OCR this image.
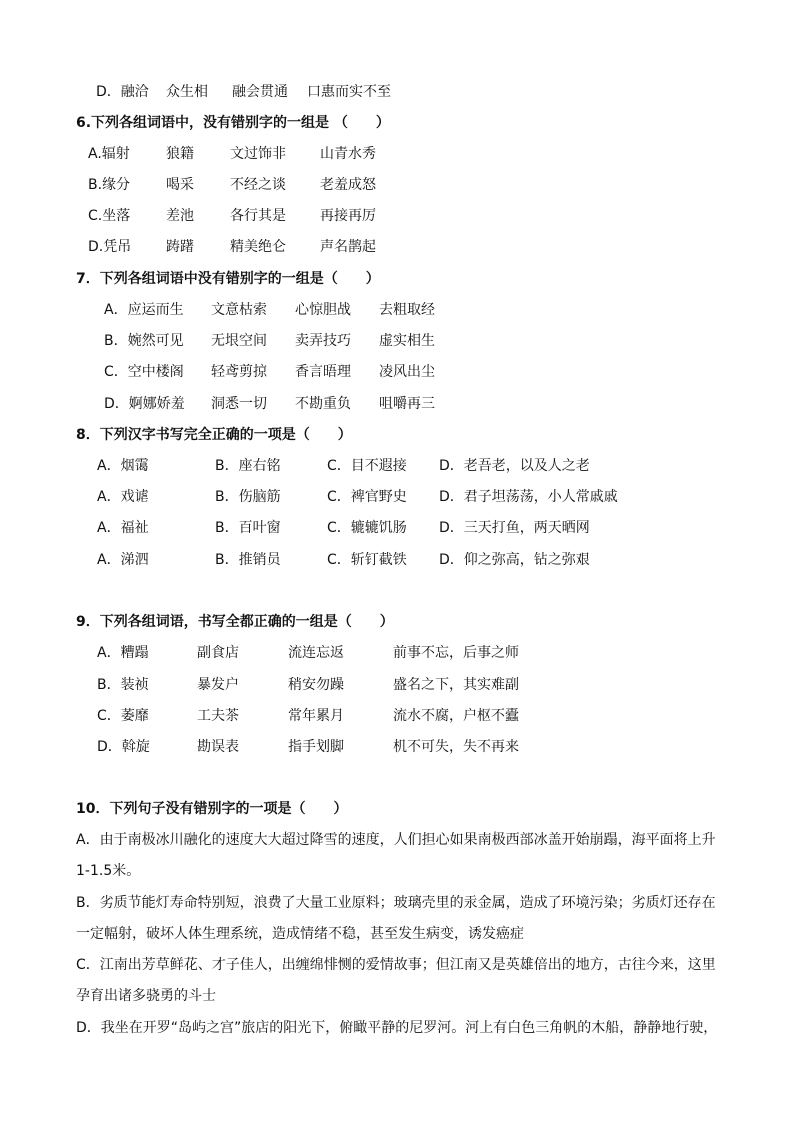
D．融洽 众生相 融会贯通 口惠而实不至
6.下列各组词语中，没有错别字的一组是 （　　）
A.辐射	狼籍	文过饰非 山青水秀
B.缘分	喝采	不经之谈 老羞成怒
C.坐落	差池	各行其是 再接再厉
D.凭吊 踌躇	精美绝仑 声名鹊起
7．下列各组词语中没有错别字的一组是（　　）
A．应运而生 文意枯索 心惊胆战 去粗取经
B．婉然可见 无垠空间 卖弄技巧 虚实相生
C．空中楼阁 轻鸢剪掠 香言晤理 凌风出尘
D．婀娜娇羞 洞悉一切 不勘重负 咀嚼再三
8．下列汉字书写完全正确的一项是（　　）
A．烟霭	B．座右铭	C．目不遐接 D．老吾老，以及人之老
A．戏谑	B．伤脑筋	C．裨官野史 D．君子坦荡荡，小人常戚戚
A．福祉	B．百叶窗	C．辘辘饥肠 D．三天打鱼，两天晒网
A．涕泗	B．推销员	C．斩钉截铁 D．仰之弥高，钻之弥艰
9．下列各组词语，书写全都正确的一组是（　　）
A．糟蹋	副食店	流连忘返	前事不忘，后事之师
B．装祯	暴发户	稍安勿躁	盛名之下，其实难副
C．萎靡	工夫茶	常年累月	流水不腐，户枢不蠹
D．斡旋	勘误表	指手划脚	机不可失，失不再来
10．下列句子没有错别字的一项是（　　）
A．由于南极冰川融化的速度大大超过降雪的速度，人们担心如果南极西部冰盖开始崩蹋，海平面将上升
1-1.5米。
B．劣质节能灯寿命特别短，浪费了大量工业原料；玻璃壳里的汞金属，造成了环境污染；劣质灯还存在
一定幅射，破坏人体生理系统，造成情绪不稳，甚至发生病变，诱发癌症
C．江南出芳草鲜花、才子佳人，出缠绵悱恻的爱情故事；但江南又是英雄倍出的地方，古往今来，这里
孕育出诸多骁勇的斗士
D．我坐在开罗“岛屿之宫”旅店的阳光下，俯瞰平静的尼罗河。河上有白色三角帆的木船，静静地行驶，
